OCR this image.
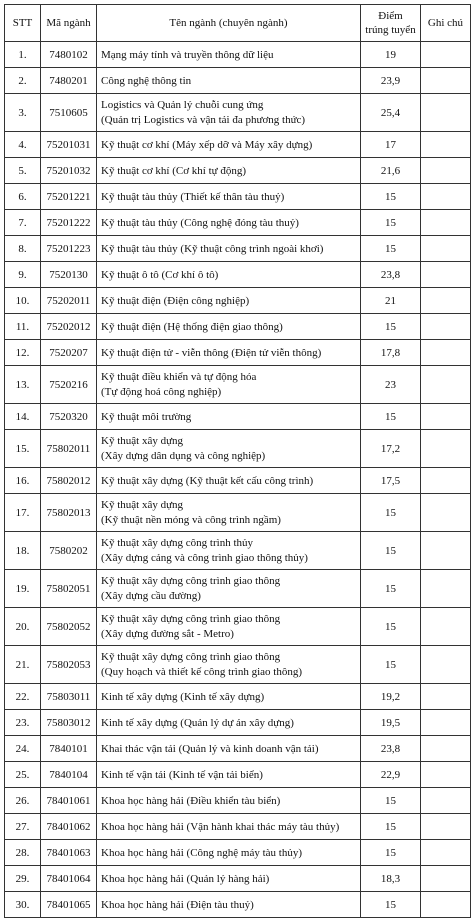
STT	Mã ngành	Tên ngành (chuyên ngành)	Điểm
trúng tuyển	Ghi chú
1.	7480102	Mạng máy tính và truyền thông dữ liệu	19	
2.	7480201	Công nghệ thông tin	23,9	
3.	7510605	Logistics và Quản lý chuỗi cung ứng
(Quản trị Logistics và vận tải đa phương thức)	25,4	
4.	75201031	Kỹ thuật cơ khí (Máy xếp dỡ và Máy xây dựng)	17	
5.	75201032	Kỹ thuật cơ khí (Cơ khí tự động)	21,6	
6.	75201221	Kỹ thuật tàu thủy (Thiết kế thân tàu thuỷ)	15	
7.	75201222	Kỹ thuật tàu thủy (Công nghệ đóng tàu thuỷ)	15	
8.	75201223	Kỹ thuật tàu thủy (Kỹ thuật công trình ngoài khơi)	15	
9.	7520130	Kỹ thuật ô tô (Cơ khí ô tô)	23,8	
10.	75202011	Kỹ thuật điện (Điện công nghiệp)	21	
11.	75202012	Kỹ thuật điện (Hệ thống điện giao thông)	15	
12.	7520207	Kỹ thuật điện tử - viễn thông (Điện tử viễn thông)	17,8	
13.	7520216	Kỹ thuật điều khiển và tự động hóa
(Tự động hoá công nghiệp)	23	
14.	7520320	Kỹ thuật môi trường	15	
15.	75802011	Kỹ thuật xây dựng
(Xây dựng dân dụng và công nghiệp)	17,2	
16.	75802012	Kỹ thuật xây dựng (Kỹ thuật kết cấu công trình)	17,5	
17.	75802013	Kỹ thuật xây dựng
(Kỹ thuật nền móng và công trình ngầm)	15	
18.	7580202	Kỹ thuật xây dựng công trình thủy
(Xây dựng cảng và công trình giao thông thủy)	15	
19.	75802051	Kỹ thuật xây dựng công trình giao thông
(Xây dựng cầu đường)	15	
20.	75802052	Kỹ thuật xây dựng công trình giao thông
(Xây dựng đường sắt - Metro)	15	
21.	75802053	Kỹ thuật xây dựng công trình giao thông
(Quy hoạch và thiết kế công trình giao thông)	15	
22.	75803011	Kinh tế xây dựng (Kinh tế xây dựng)	19,2	
23.	75803012	Kinh tế xây dựng (Quản lý dự án xây dựng)	19,5	
24.	7840101	Khai thác vận tải (Quản lý và kinh doanh vận tải)	23,8	
25.	7840104	Kinh tế vận tải (Kinh tế vận tải biển)	22,9	
26.	78401061	Khoa học hàng hải (Điều khiển tàu biển)	15	
27.	78401062	Khoa học hàng hải (Vận hành khai thác máy tàu thủy)	15	
28.	78401063	Khoa học hàng hải (Công nghệ máy tàu thủy)	15	
29.	78401064	Khoa học hàng hải (Quản lý hàng hải)	18,3	
30.	78401065	Khoa học hàng hải (Điện tàu thuỷ)	15	
